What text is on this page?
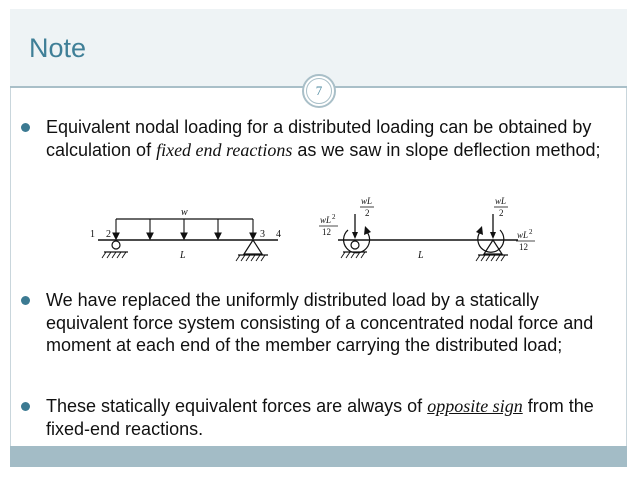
Note
7
Equivalent nodal loading for a distributed loading can be obtained by calculation of fixed end reactions as we saw in slope deflection method;
1 2	3 4
w
L
wL
2
wL 2
12
wL
2
wL 2
12
L
We have replaced the uniformly distributed load by a statically equivalent force system consisting of a concentrated nodal force and moment at each end of the member carrying the distributed load;
These statically equivalent forces are always of opposite sign from the fixed-end reactions.
